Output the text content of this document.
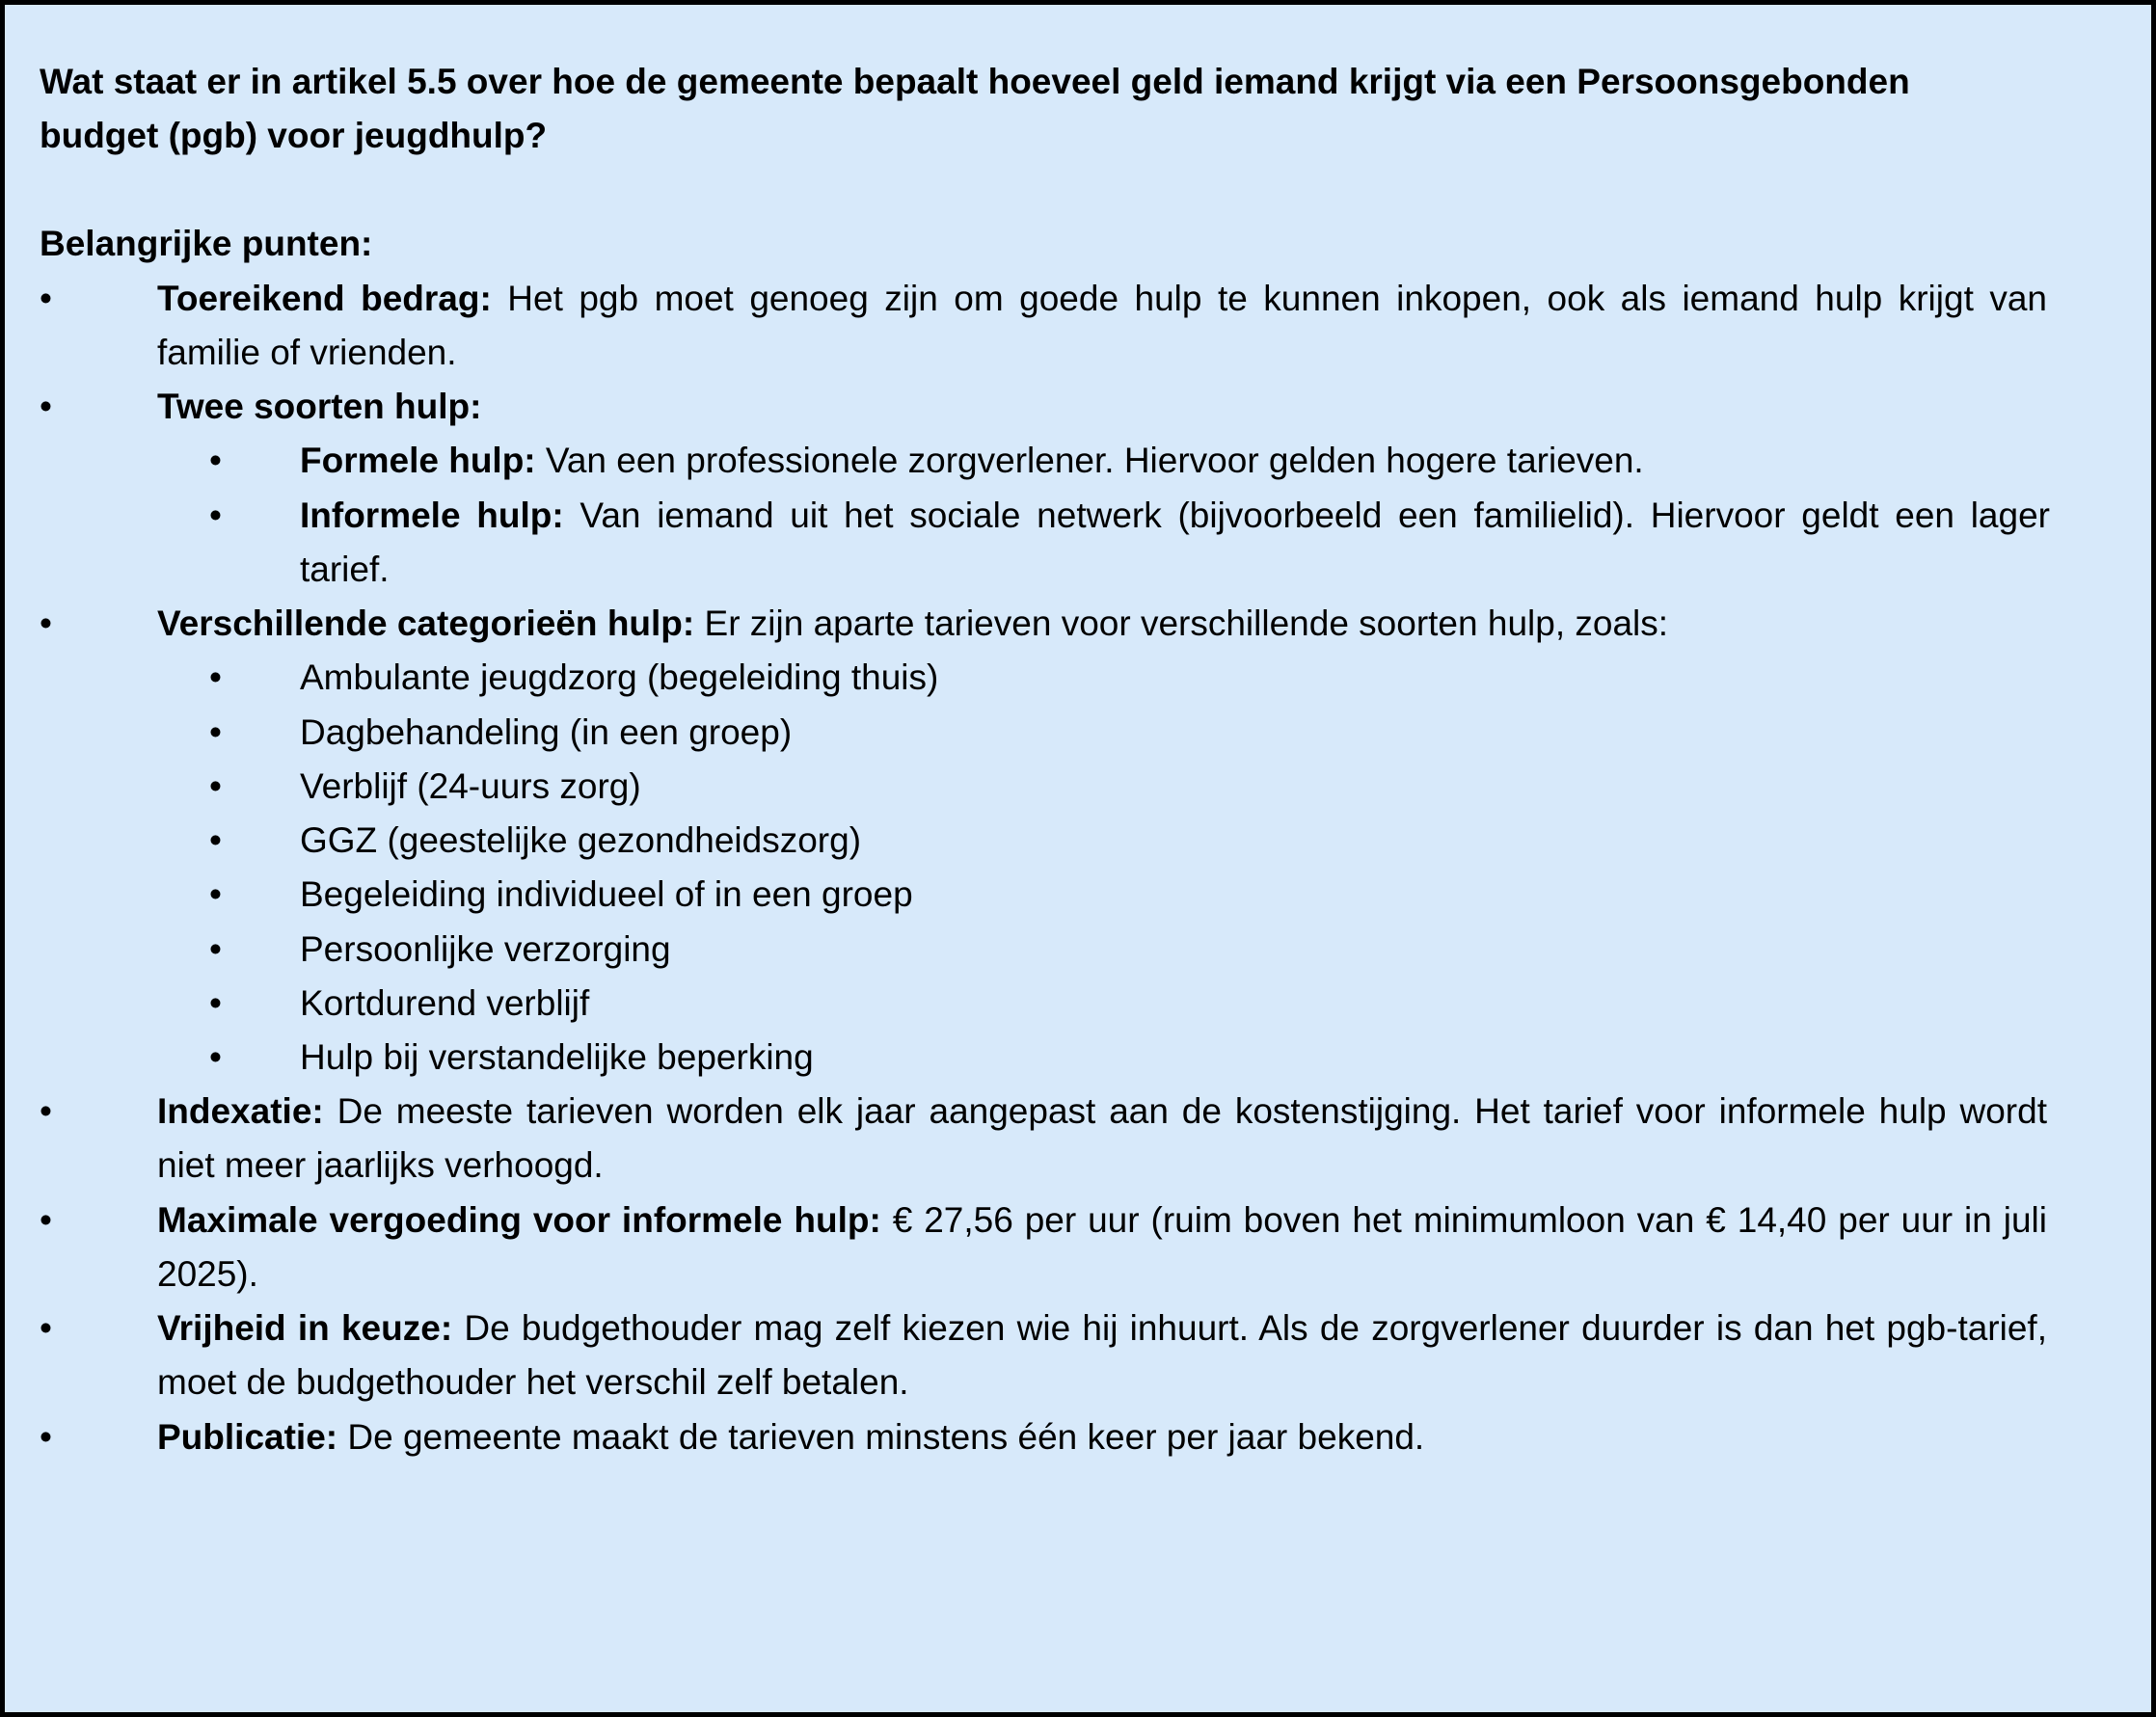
Wat staat er in artikel 5.5 over hoe de gemeente bepaalt hoeveel geld iemand krijgt via een Persoonsgebonden budget (pgb) voor jeugdhulp?

Belangrijke punten:

•	Toereikend bedrag: Het pgb moet genoeg zijn om goede hulp te kunnen inkopen, ook als iemand hulp krijgt van familie of vrienden.
•	Twee soorten hulp:
• Formele hulp: Van een professionele zorgverlener. Hiervoor gelden hogere tarieven.
• Informele hulp: Van iemand uit het sociale netwerk (bijvoorbeeld een familielid). Hiervoor geldt een lager tarief.
•	Verschillende categorieën hulp: Er zijn aparte tarieven voor verschillende soorten hulp, zoals:
• Ambulante jeugdzorg (begeleiding thuis)
• Dagbehandeling (in een groep)
• Verblijf (24-uurs zorg)
• GGZ (geestelijke gezondheidszorg)
• Begeleiding individueel of in een groep
• Persoonlijke verzorging
• Kortdurend verblijf
• Hulp bij verstandelijke beperking
•	Indexatie: De meeste tarieven worden elk jaar aangepast aan de kostenstijging. Het tarief voor informele hulp wordt niet meer jaarlijks verhoogd.
•	Maximale vergoeding voor informele hulp: € 27,56 per uur (ruim boven het minimumloon van € 14,40 per uur in juli 2025).
•	Vrijheid in keuze: De budgethouder mag zelf kiezen wie hij inhuurt. Als de zorgverlener duurder is dan het pgb-tarief, moet de budgethouder het verschil zelf betalen.
•	Publicatie: De gemeente maakt de tarieven minstens één keer per jaar bekend.
